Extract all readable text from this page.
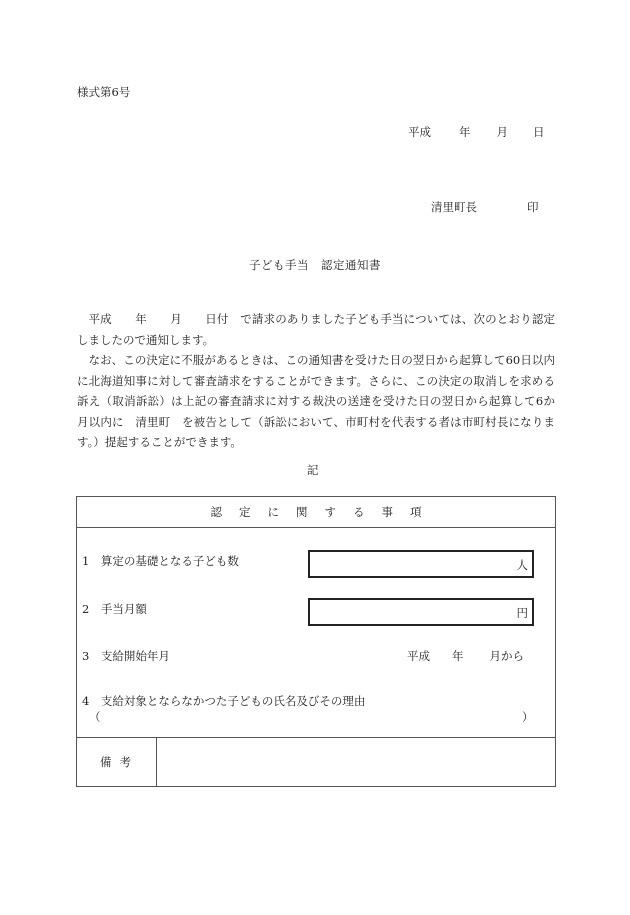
様式第6号
平成 年 月 日
清里町長	印
子ども手当　認定通知書

平成　　年　　月　　日付　で請求のありました子ども手当については、次のとおり認定しましたので通知します。

なお、この決定に不服があるときは、この通知書を受けた日の翌日から起算して60日以内に北海道知事に対して審査請求をすることができます。さらに、この決定の取消しを求める訴え（取消訴訟）は上記の審査請求に対する裁決の送達を受けた日の翌日から起算して6か月以内に　清里町　を被告として（訴訟において、市町村を代表する者は市町村長になります。）提起することができます。

記
認定に関する事項
1　算定の基礎となる子ども数	人
2　手当月額	円
3　支給開始年月	平成 年 月から
4　支給対象とならなかつた子どもの氏名及びその理由
（	）
備考
